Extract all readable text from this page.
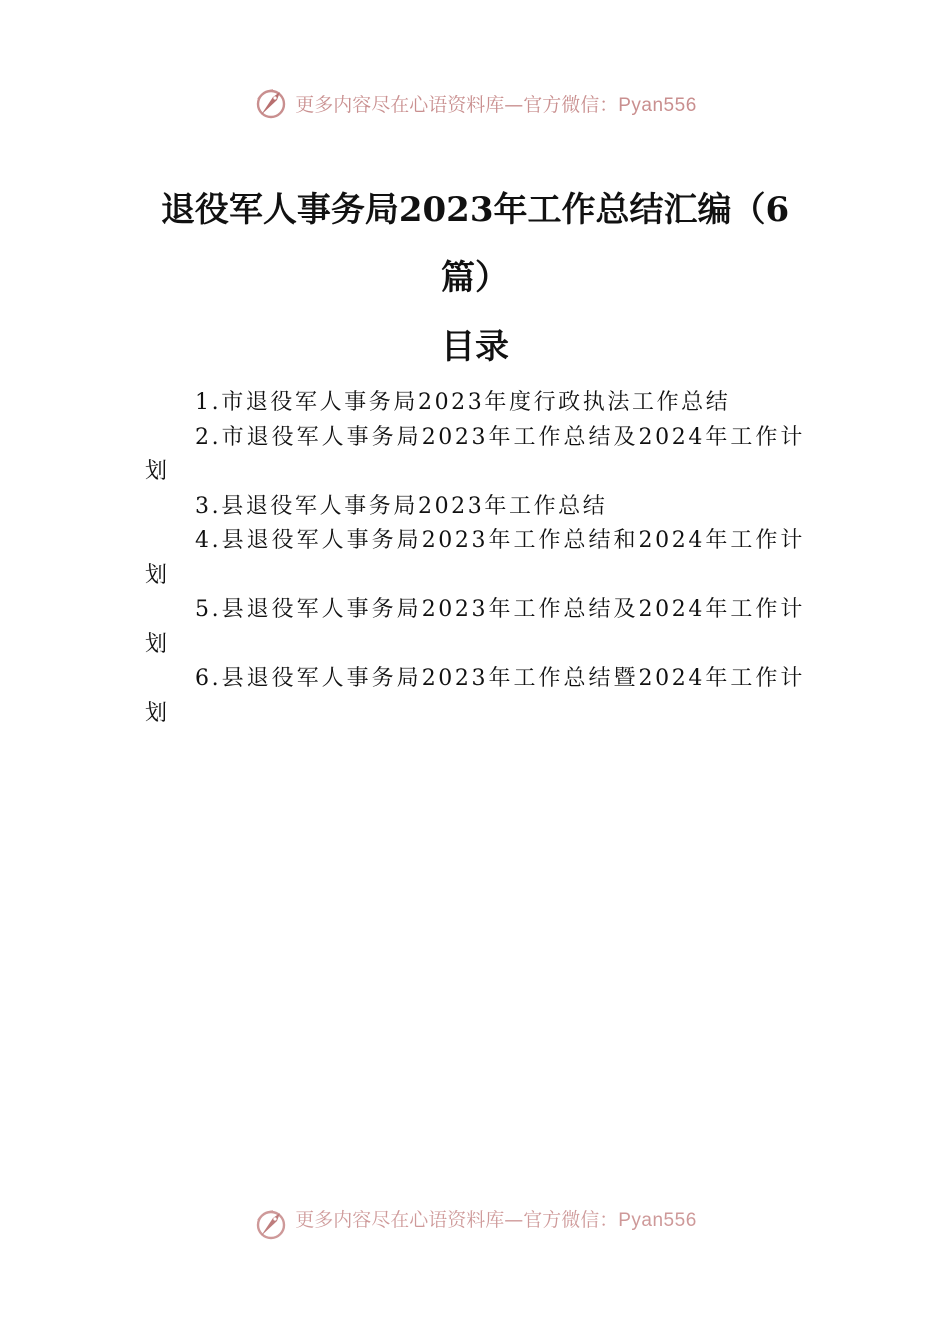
更多内容尽在心语资料库—官方微信：Pyan556
退役军人事务局2023年工作总结汇编（6
篇）
目录
1.市退役军人事务局2023年度行政执法工作总结
2.市退役军人事务局2023年工作总结及2024年工作计划
3.县退役军人事务局2023年工作总结
4.县退役军人事务局2023年工作总结和2024年工作计划
5.县退役军人事务局2023年工作总结及2024年工作计划
6.县退役军人事务局2023年工作总结暨2024年工作计划
更多内容尽在心语资料库—官方微信：Pyan556
